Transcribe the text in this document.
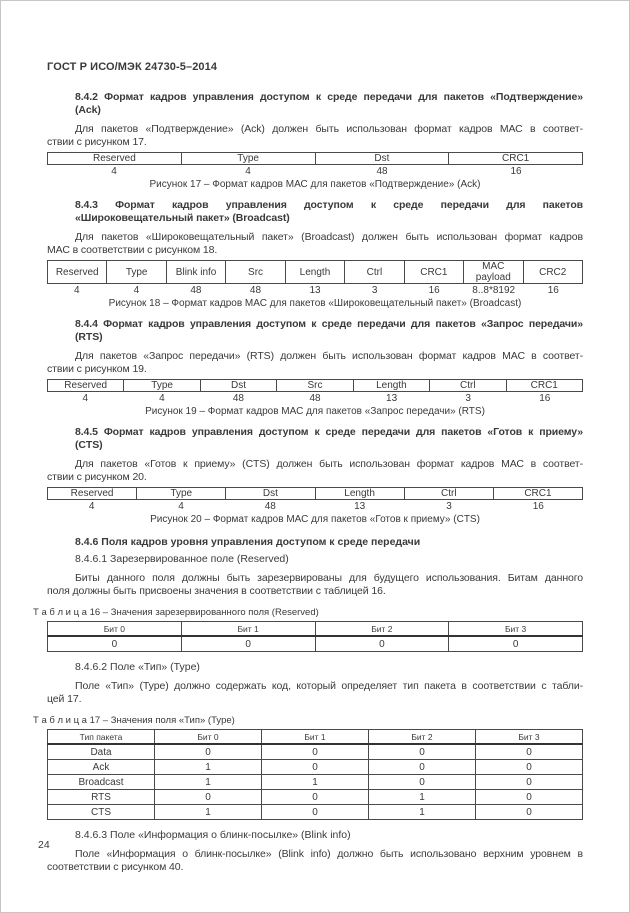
ГОСТ Р ИСО/МЭК 24730-5–2014
8.4.2 Формат кадров управления доступом к среде передачи для пакетов «Подтверждение»
(Ack)
Для пакетов «Подтверждение» (Ack) должен быть использован формат кадров МАС в соответ-
ствии с рисунком 17.
Reserved	Type	Dst	CRC1
4	4	48	16
Рисунок 17 – Формат кадров МАС для пакетов «Подтверждение» (Ack)
8.4.3 Формат кадров управления доступом к среде передачи для пакетов
«Широковещательный пакет» (Broadcast)
Для пакетов «Широковещательный пакет» (Broadcast) должен быть использован формат кадров
МАС в соответствии с рисунком 18.
Reserved	Type	Blink info	Src	Length	Ctrl	CRC1	MAC payload	CRC2
4	4	48	48	13	3	16	8..8*8192	16
Рисунок 18 – Формат кадров МАС для пакетов «Широковещательный пакет» (Broadcast)
8.4.4 Формат кадров управления доступом к среде передачи для пакетов «Запрос передачи»
(RTS)
Для пакетов «Запрос передачи» (RTS) должен быть использован формат кадров МАС в соответ-
ствии с рисунком 19.
Reserved	Type	Dst	Src	Length	Ctrl	CRC1
4	4	48	48	13	3	16
Рисунок 19 – Формат кадров МАС для пакетов «Запрос передачи» (RTS)
8.4.5 Формат кадров управления доступом к среде передачи для пакетов «Готов к приему»
(CTS)
Для пакетов «Готов к приему» (CTS) должен быть использован формат кадров МАС в соответ-
ствии с рисунком 20.
Reserved	Type	Dst	Length	Ctrl	CRC1
4	4	48	13	3	16
Рисунок 20 – Формат кадров МАС для пакетов «Готов к приему» (CTS)
8.4.6 Поля кадров уровня управления доступом к среде передачи
8.4.6.1 Зарезервированное поле (Reserved)
Биты данного поля должны быть зарезервированы для будущего использования. Битам данного
поля должны быть присвоены значения в соответствии с таблицей 16.
Т а б л и ц а 16 – Значения зарезервированного поля (Reserved)
Бит 0	Бит 1	Бит 2	Бит 3
0	0	0	0
8.4.6.2 Поле «Тип» (Type)
Поле «Тип» (Type) должно содержать код, который определяет тип пакета в соответствии с табли-
цей 17.
Т а б л и ц а 17 – Значения поля «Тип» (Type)
Тип пакета	Бит 0	Бит 1	Бит 2	Бит 3
Data	0	0	0	0
Ack	1	0	0	0
Broadcast	1	1	0	0
RTS	0	0	1	0
CTS	1	0	1	0
8.4.6.3 Поле «Информация о блинк-посылке» (Blink info)
Поле «Информация о блинк-посылке» (Blink info) должно быть использовано верхним уровнем в
соответствии с рисунком 40.
24
